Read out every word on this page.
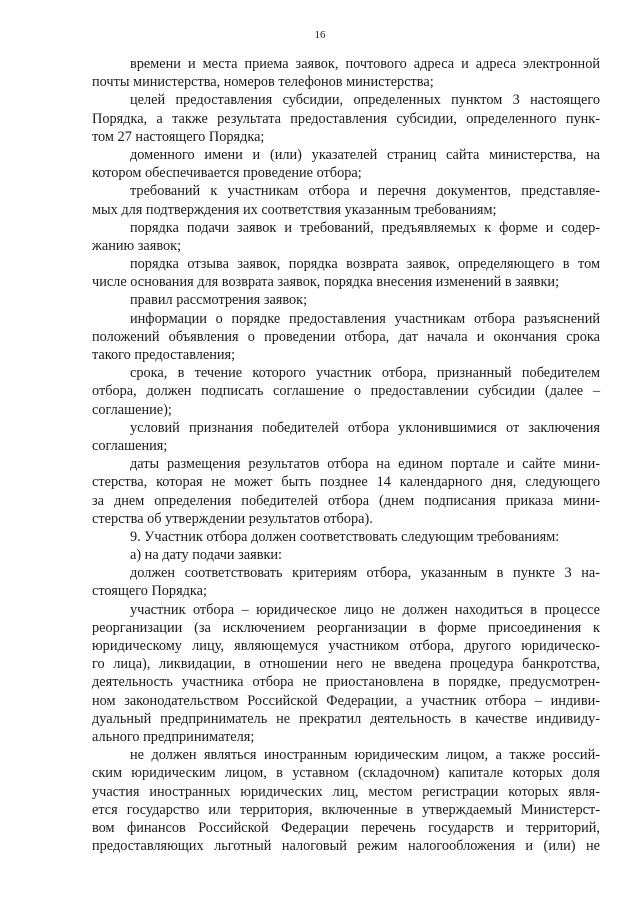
16
времени и места приема заявок, почтового адреса и адреса электронной
почты министерства, номеров телефонов министерства;
целей предоставления субсидии, определенных пунктом 3 настоящего
Порядка, а также результата предоставления субсидии, определенного пунк-
том 27 настоящего Порядка;
доменного имени и (или) указателей страниц сайта министерства, на
котором обеспечивается проведение отбора;
требований к участникам отбора и перечня документов, представляе-
мых для подтверждения их соответствия указанным требованиям;
порядка подачи заявок и требований, предъявляемых к форме и содер-
жанию заявок;
порядка отзыва заявок, порядка возврата заявок, определяющего в том
числе основания для возврата заявок, порядка внесения изменений в заявки;
правил рассмотрения заявок;
информации о порядке предоставления участникам отбора разъяснений
положений объявления о проведении отбора, дат начала и окончания срока
такого предоставления;
срока, в течение которого участник отбора, признанный победителем
отбора, должен подписать соглашение о предоставлении субсидии (далее –
соглашение);
условий признания победителей отбора уклонившимися от заключения
соглашения;
даты размещения результатов отбора на едином портале и сайте мини-
стерства, которая не может быть позднее 14 календарного дня, следующего
за днем определения победителей отбора (днем подписания приказа мини-
стерства об утверждении результатов отбора).
9. Участник отбора должен соответствовать следующим требованиям:
а) на дату подачи заявки:
должен соответствовать критериям отбора, указанным в пункте 3 на-
стоящего Порядка;
участник отбора – юридическое лицо не должен находиться в процессе
реорганизации (за исключением реорганизации в форме присоединения к
юридическому лицу, являющемуся участником отбора, другого юридическо-
го лица), ликвидации, в отношении него не введена процедура банкротства,
деятельность участника отбора не приостановлена в порядке, предусмотрен-
ном законодательством Российской Федерации, а участник отбора – индиви-
дуальный предприниматель не прекратил деятельность в качестве индивиду-
ального предпринимателя;
не должен являться иностранным юридическим лицом, а также россий-
ским юридическим лицом, в уставном (складочном) капитале которых доля
участия иностранных юридических лиц, местом регистрации которых явля-
ется государство или территория, включенные в утверждаемый Министерст-
вом финансов Российской Федерации перечень государств и территорий,
предоставляющих льготный налоговый режим налогообложения и (или) не
